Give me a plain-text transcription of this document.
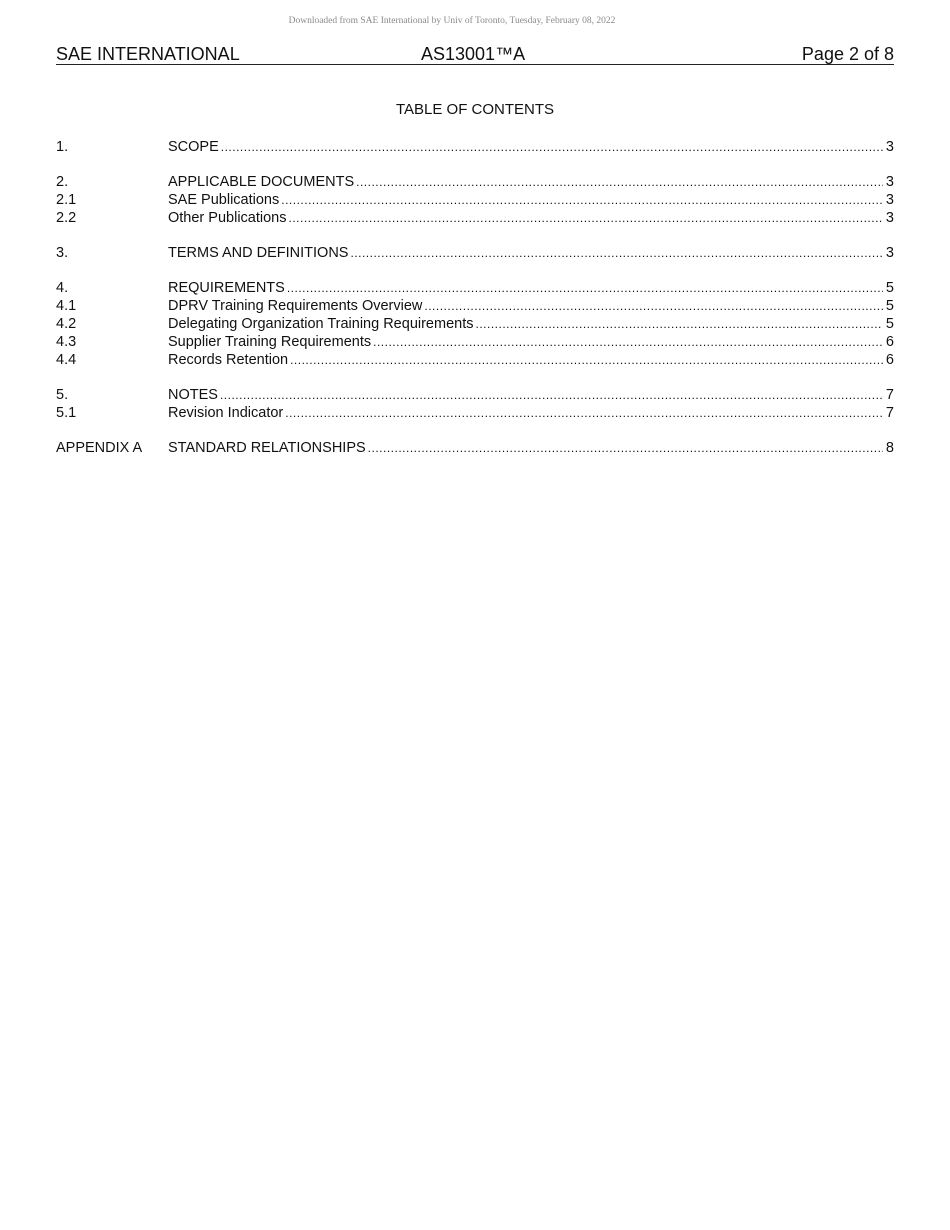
Downloaded from SAE International by Univ of Toronto, Tuesday, February 08, 2022
SAE INTERNATIONAL	AS13001™A	Page 2 of 8
TABLE OF CONTENTS
1.	SCOPE .....	3
2.	APPLICABLE DOCUMENTS .....	3
2.1	SAE Publications .....	3
2.2	Other Publications .....	3
3.	TERMS AND DEFINITIONS .....	3
4.	REQUIREMENTS .....	5
4.1	DPRV Training Requirements Overview .....	5
4.2	Delegating Organization Training Requirements .....	5
4.3	Supplier Training Requirements .....	6
4.4	Records Retention .....	6
5.	NOTES .....	7
5.1	Revision Indicator .....	7
APPENDIX A	STANDARD RELATIONSHIPS .....	8
